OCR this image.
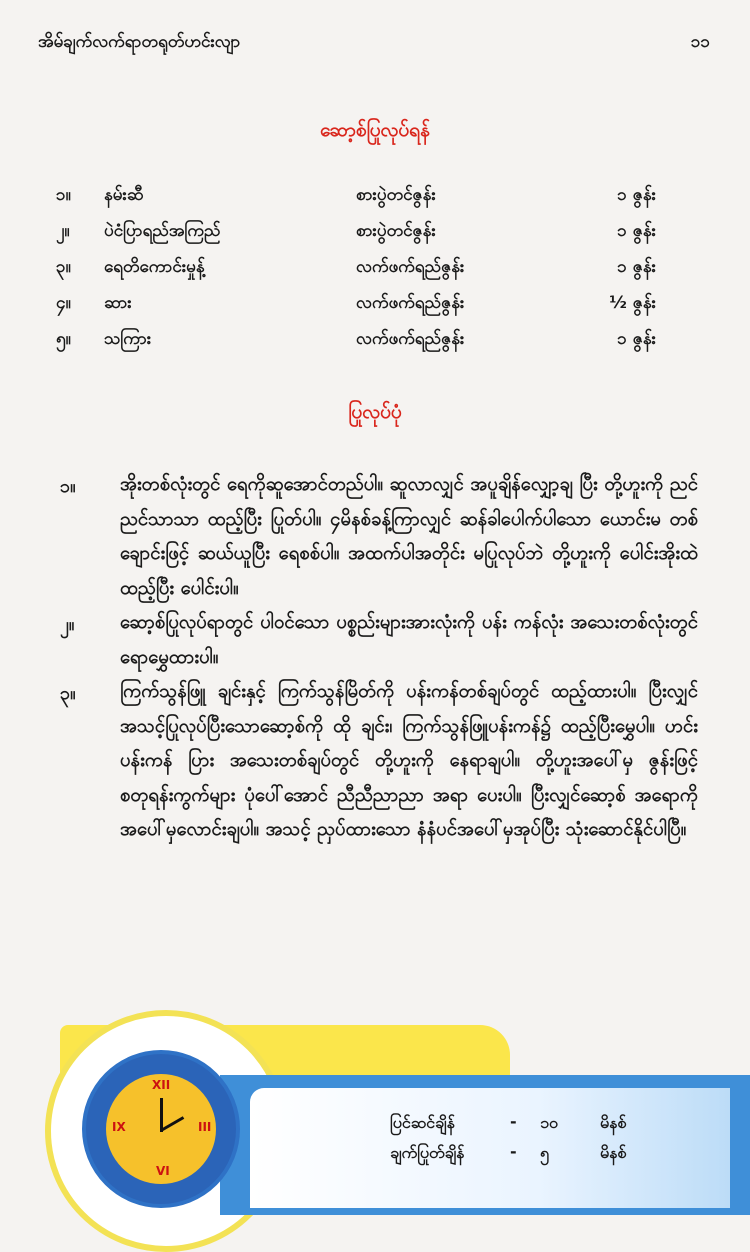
အိမ်ချက်လက်ရာတရုတ်ဟင်းလျာ	၁၁
ဆော့စ်ပြုလုပ်ရန်
၁။ နမ်းဆီ	စားပွဲတင်ဇွန်း	၁ ဇွန်း
၂။ ပဲငံပြာရည်အကြည်	စားပွဲတင်ဇွန်း	၁ ဇွန်း
၃။ ရေတိကောင်းမှုန့်	လက်ဖက်ရည်ဇွန်း	၁ ဇွန်း
၄။ ဆား	လက်ဖက်ရည်ဇွန်း	½ ဇွန်း
၅။ သကြား	လက်ဖက်ရည်ဇွန်း	၁ ဇွန်း
ပြုလုပ်ပုံ
၁။	အိုးတစ်လုံးတွင် ရေကိုဆူအောင်တည်ပါ။ ဆူလာလျှင် အပူချိန်လျှော့ချ ပြီး တို့ဟူးကို ညင်ညင်သာသာ ထည့်ပြီး ပြုတ်ပါ။ ၄မိနစ်ခန့်ကြာလျှင် ဆန်ခါပေါက်ပါသော ယောင်းမ တစ်ချောင်းဖြင့် ဆယ်ယူပြီး ရေစစ်ပါ။ အထက်ပါအတိုင်း မပြုလုပ်ဘဲ တို့ဟူးကို ပေါင်းအိုးထဲထည့်ပြီး ပေါင်းပါ။
၂။	ဆော့စ်ပြုလုပ်ရာတွင် ပါဝင်သော ပစ္စည်းများအားလုံးကို ပန်း ကန်လုံး အသေးတစ်လုံးတွင် ရောမွှေထားပါ။
၃။	ကြက်သွန်ဖြူ ချင်းနှင့် ကြက်သွန်မြိတ်ကို ပန်းကန်တစ်ချပ်တွင် ထည့်ထားပါ။ ပြီးလျှင် အသင့်ပြုလုပ်ပြီးသောဆော့စ်ကို ထို ချင်း၊ ကြက်သွန်ဖြူပန်းကန်၌ ထည့်ပြီးမွှေပါ။ ဟင်းပန်းကန် ပြား အသေးတစ်ချပ်တွင် တို့ဟူးကို နေရာချပါ။ တို့ဟူးအပေါ်မှ ဇွန်းဖြင့် စတုရန်းကွက်များ ပုံပေါ်အောင် ညီညီညာညာ အရာ ပေးပါ။ ပြီးလျှင်ဆော့စ် အရောကို အပေါ်မှလောင်းချပါ။ အသင့် ညှပ်ထားသော နံနံပင်အပေါ်မှအုပ်ပြီး သုံးဆောင်နိုင်ပါပြီ။
XII
III
VI
IX	ပြင်ဆင်ချိန်	-	၁၀	မိနစ်
ချက်ပြုတ်ချိန်	-	၅	မိနစ်
